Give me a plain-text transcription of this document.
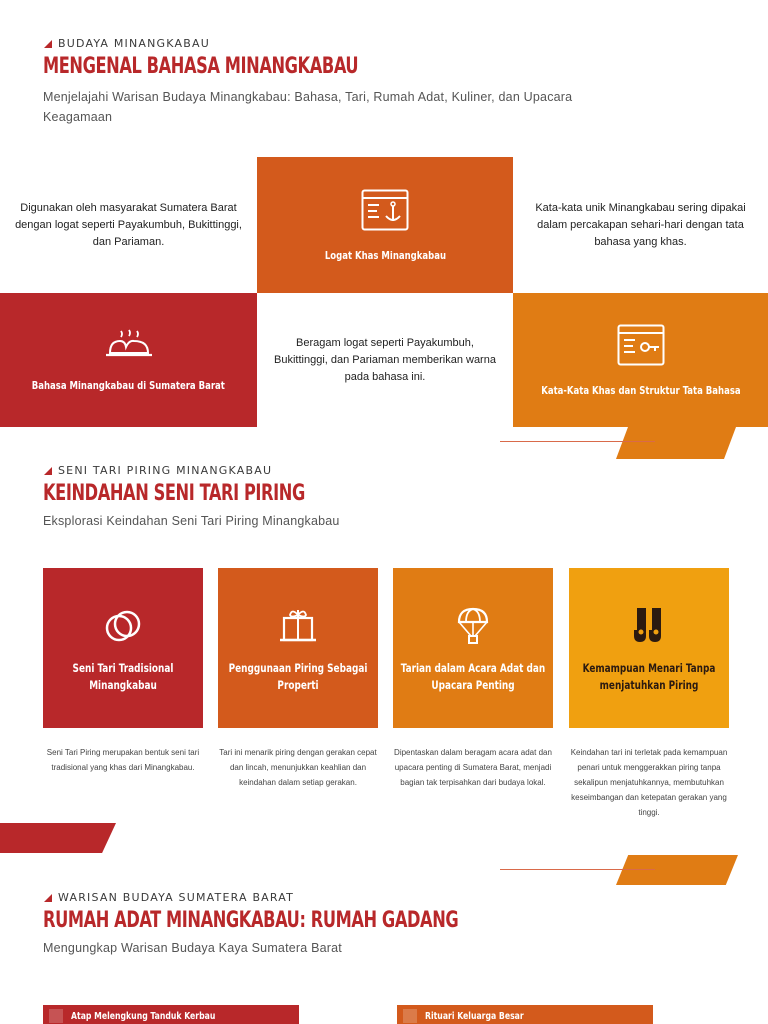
BUDAYA MINANGKABAU
MENGENAL BAHASA MINANGKABAU
Menjelajahi Warisan Budaya Minangkabau: Bahasa, Tari, Rumah Adat, Kuliner, dan Upacara Keagamaan

Digunakan oleh masyarakat Sumatera Barat dengan logat seperti Payakumbuh, Bukittinggi, dan Pariaman.

Logat Khas Minangkabau

Kata-kata unik Minangkabau sering dipakai dalam percakapan sehari-hari dengan tata bahasa yang khas.

Bahasa Minangkabau di Sumatera Barat

Beragam logat seperti Payakumbuh, Bukittinggi, dan Pariaman memberikan warna pada bahasa ini.

Kata-Kata Khas dan Struktur Tata Bahasa
SENI TARI PIRING MINANGKABAU
KEINDAHAN SENI TARI PIRING
Eksplorasi Keindahan Seni Tari Piring Minangkabau
Seni Tari Tradisional Minangkabau
Penggunaan Piring Sebagai Properti
Tarian dalam Acara Adat dan Upacara Penting
Kemampuan Menari Tanpa menjatuhkan Piring

Seni Tari Piring merupakan bentuk seni tari tradisional yang khas dari Minangkabau.

Tari ini menarik piring dengan gerakan cepat dan lincah, menunjukkan keahlian dan keindahan dalam setiap gerakan.

Dipentaskan dalam beragam acara adat dan upacara penting di Sumatera Barat, menjadi bagian tak terpisahkan dari budaya lokal.

Keindahan tari ini terletak pada kemampuan penari untuk menggerakkan piring tanpa sekalipun menjatuhkannya, membutuhkan keseimbangan dan ketepatan gerakan yang tinggi.

WARISAN BUDAYA SUMATERA BARAT
RUMAH ADAT MINANGKABAU: RUMAH GADANG
Mengungkap Warisan Budaya Kaya Sumatera Barat
Atap Melengkung Tanduk Kerbau	Rituari Keluarga Besar
